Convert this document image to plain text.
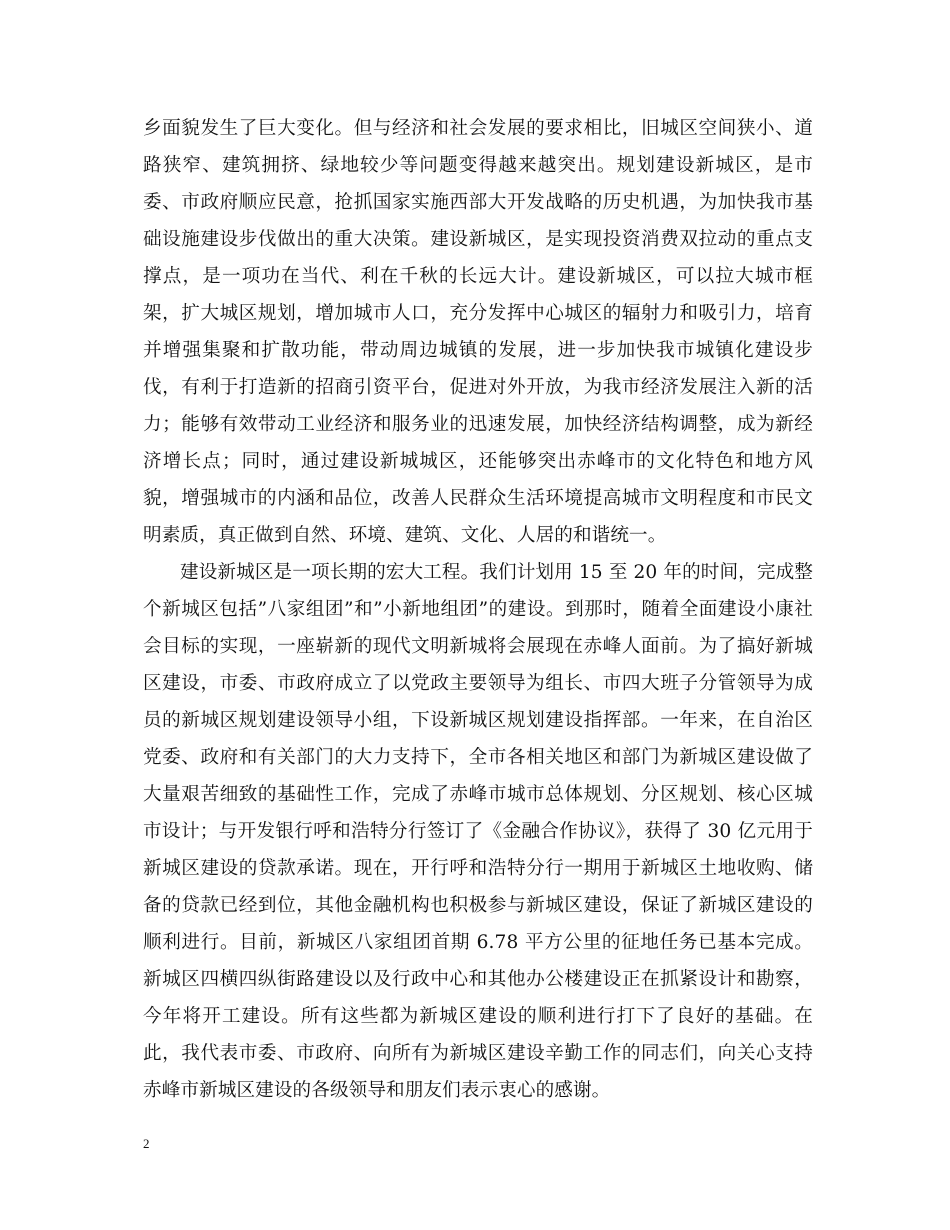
乡面貌发生了巨大变化。但与经济和社会发展的要求相比，旧城区空间狭小、道路狭窄、建筑拥挤、绿地较少等问题变得越来越突出。规划建设新城区，是市委、市政府顺应民意，抢抓国家实施西部大开发战略的历史机遇，为加快我市基础设施建设步伐做出的重大决策。建设新城区，是实现投资消费双拉动的重点支撑点，是一项功在当代、利在千秋的长远大计。建设新城区，可以拉大城市框架，扩大城区规划，增加城市人口，充分发挥中心城区的辐射力和吸引力，培育并增强集聚和扩散功能，带动周边城镇的发展，进一步加快我市城镇化建设步伐，有利于打造新的招商引资平台，促进对外开放，为我市经济发展注入新的活力；能够有效带动工业经济和服务业的迅速发展，加快经济结构调整，成为新经济增长点；同时，通过建设新城城区，还能够突出赤峰市的文化特色和地方风貌，增强城市的内涵和品位，改善人民群众生活环境提高城市文明程度和市民文明素质，真正做到自然、环境、建筑、文化、人居的和谐统一。

建设新城区是一项长期的宏大工程。我们计划用 15 至 20 年的时间，完成整个新城区包括”八家组团”和”小新地组团”的建设。到那时，随着全面建设小康社会目标的实现，一座崭新的现代文明新城将会展现在赤峰人面前。为了搞好新城区建设，市委、市政府成立了以党政主要领导为组长、市四大班子分管领导为成员的新城区规划建设领导小组，下设新城区规划建设指挥部。一年来，在自治区党委、政府和有关部门的大力支持下，全市各相关地区和部门为新城区建设做了大量艰苦细致的基础性工作，完成了赤峰市城市总体规划、分区规划、核心区城市设计；与开发银行呼和浩特分行签订了《金融合作协议》，获得了 30 亿元用于新城区建设的贷款承诺。现在，开行呼和浩特分行一期用于新城区土地收购、储备的贷款已经到位，其他金融机构也积极参与新城区建设，保证了新城区建设的顺利进行。目前，新城区八家组团首期 6.78 平方公里的征地任务已基本完成。新城区四横四纵街路建设以及行政中心和其他办公楼建设正在抓紧设计和勘察，今年将开工建设。所有这些都为新城区建设的顺利进行打下了良好的基础。在此，我代表市委、市政府、向所有为新城区建设辛勤工作的同志们，向关心支持赤峰市新城区建设的各级领导和朋友们表示衷心的感谢。

2
